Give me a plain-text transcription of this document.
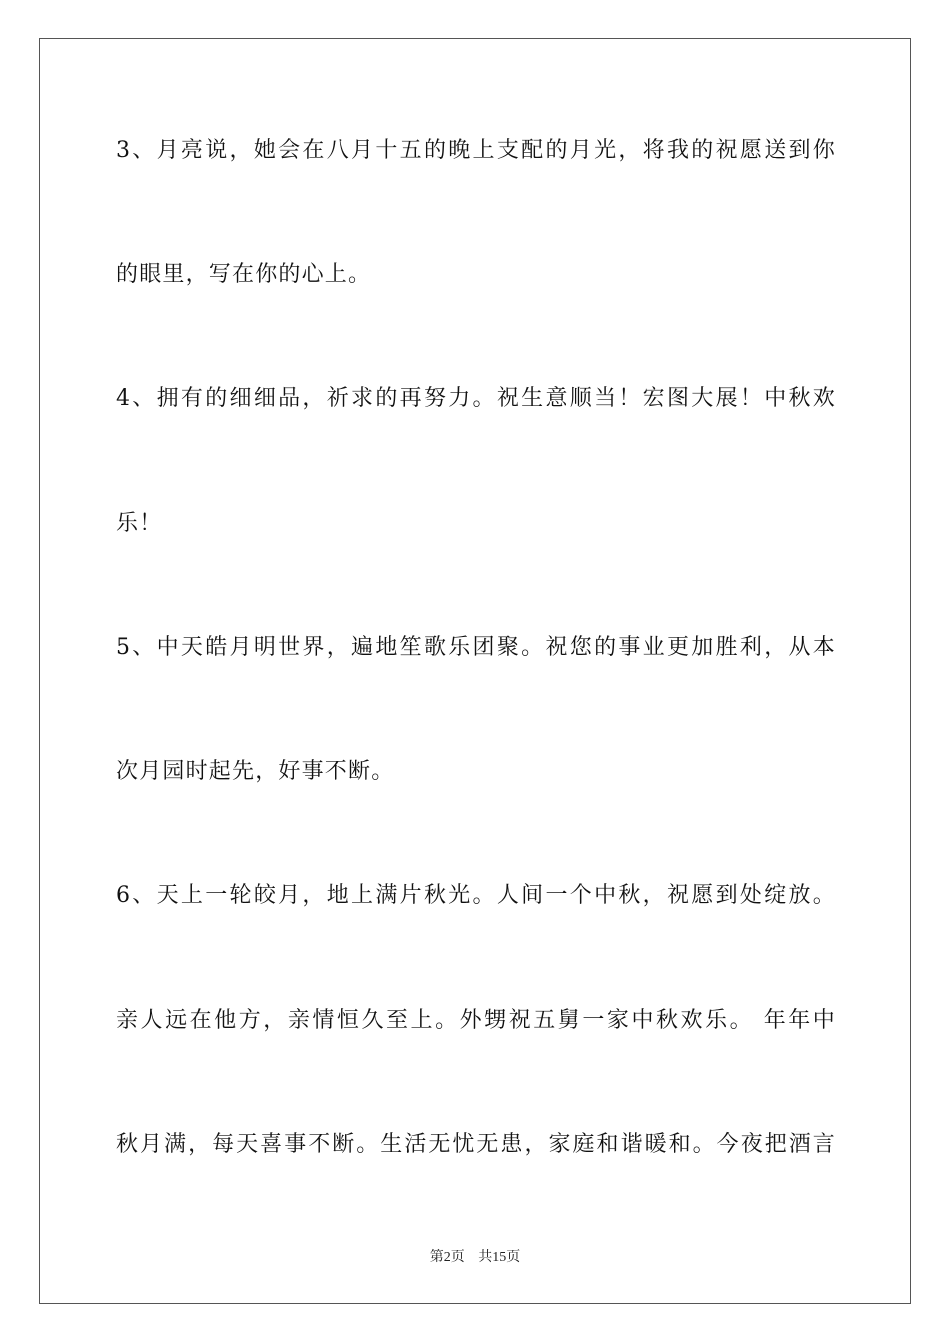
3、月亮说，她会在八月十五的晚上支配的月光，将我的祝愿送到你
的眼里，写在你的心上。
4、拥有的细细品，祈求的再努力。祝生意顺当！宏图大展！中秋欢
乐！
5、中天皓月明世界，遍地笙歌乐团聚。祝您的事业更加胜利，从本
次月园时起先，好事不断。
6、天上一轮皎月，地上满片秋光。人间一个中秋，祝愿到处绽放。
亲人远在他方，亲情恒久至上。外甥祝五舅一家中秋欢乐。 年年中
秋月满，每天喜事不断。生活无忧无患，家庭和谐暖和。今夜把酒言
第2页 共15页
